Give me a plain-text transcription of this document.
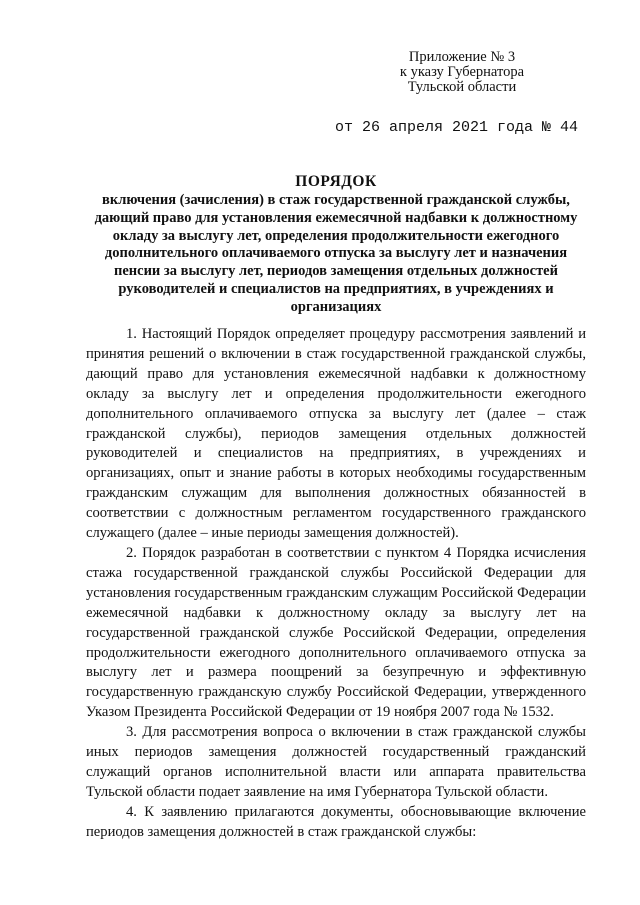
Приложение № 3
к указу Губернатора
Тульской области
от 26 апреля 2021 года № 44
ПОРЯДОК
включения (зачисления) в стаж государственной гражданской службы, дающий право для установления ежемесячной надбавки к должностному окладу за выслугу лет, определения продолжительности ежегодного дополнительного оплачиваемого отпуска за выслугу лет и назначения пенсии за выслугу лет, периодов замещения отдельных должностей руководителей и специалистов на предприятиях, в учреждениях и организациях

1. Настоящий Порядок определяет процедуру рассмотрения заявлений и принятия решений о включении в стаж государственной гражданской службы, дающий право для установления ежемесячной надбавки к должностному окладу за выслугу лет и определения продолжительности ежегодного дополнительного оплачиваемого отпуска за выслугу лет (далее – стаж гражданской службы), периодов замещения отдельных должностей руководителей и специалистов на предприятиях, в учреждениях и организациях, опыт и знание работы в которых необходимы государственным гражданским служащим для выполнения должностных обязанностей в соответствии с должностным регламентом государственного гражданского служащего (далее – иные периоды замещения должностей).

2. Порядок разработан в соответствии с пунктом 4 Порядка исчисления стажа государственной гражданской службы Российской Федерации для установления государственным гражданским служащим Российской Федерации ежемесячной надбавки к должностному окладу за выслугу лет на государственной гражданской службе Российской Федерации, определения продолжительности ежегодного дополнительного оплачиваемого отпуска за выслугу лет и размера поощрений за безупречную и эффективную государственную гражданскую службу Российской Федерации, утвержденного Указом Президента Российской Федерации от 19 ноября 2007 года № 1532.

3. Для рассмотрения вопроса о включении в стаж гражданской службы иных периодов замещения должностей государственный гражданский служащий органов исполнительной власти или аппарата правительства Тульской области подает заявление на имя Губернатора Тульской области.

4. К заявлению прилагаются документы, обосновывающие включение периодов замещения должностей в стаж гражданской службы:
